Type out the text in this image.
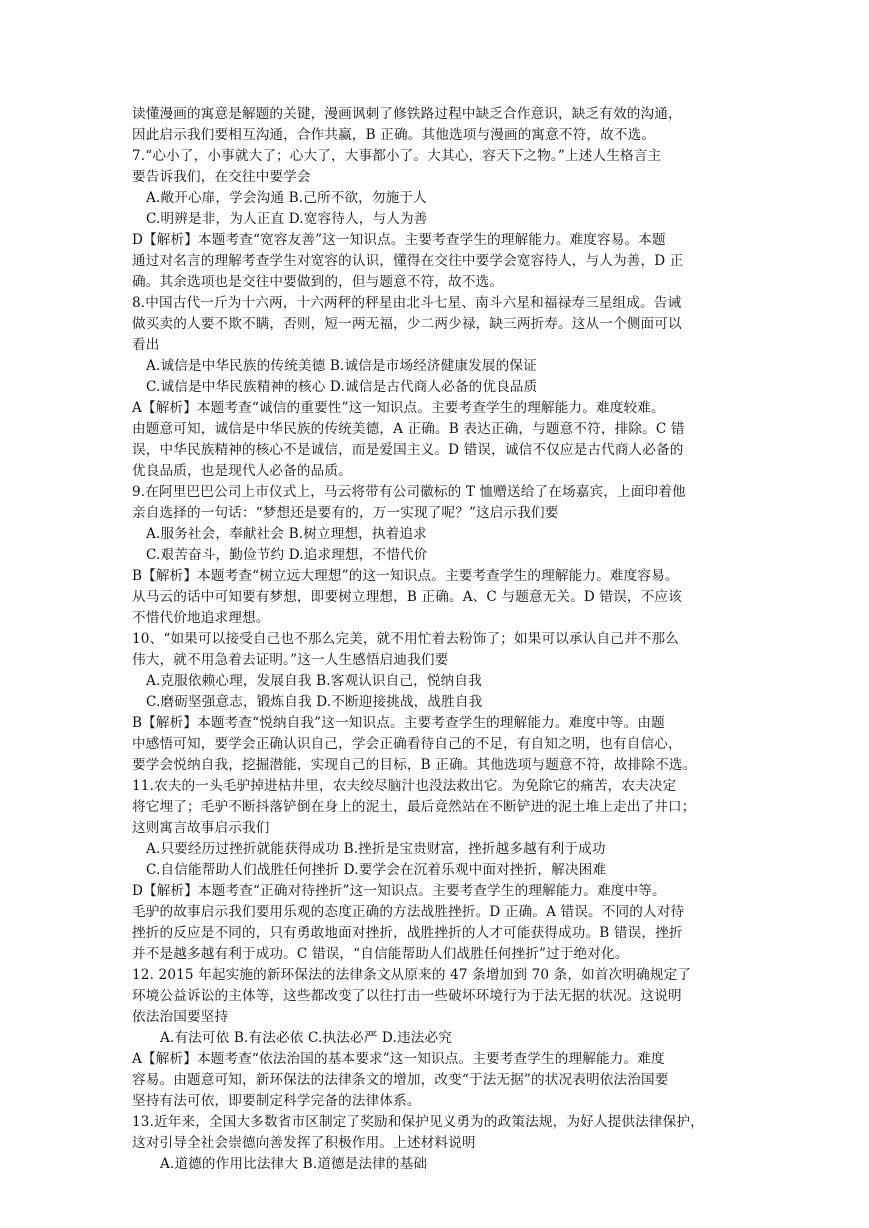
读懂漫画的寓意是解题的关键，漫画讽刺了修铁路过程中缺乏合作意识，缺乏有效的沟通，
因此启示我们要相互沟通，合作共赢，B 正确。其他选项与漫画的寓意不符，故不选。
7.“心小了，小事就大了；心大了，大事都小了。大其心，容天下之物。”上述人生格言主
要告诉我们，在交往中要学会
A.敞开心扉，学会沟通 B.己所不欲，勿施于人
C.明辨是非，为人正直 D.宽容待人，与人为善
D【解析】本题考查“宽容友善”这一知识点。主要考查学生的理解能力。难度容易。本题
通过对名言的理解考查学生对宽容的认识，懂得在交往中要学会宽容待人，与人为善，D 正
确。其余选项也是交往中要做到的，但与题意不符，故不选。
8.中国古代一斤为十六两，十六两秤的秤星由北斗七星、南斗六星和福禄寿三星组成。告诫
做买卖的人要不欺不瞒，否则，短一两无福，少二两少禄，缺三两折寿。这从一个侧面可以
看出
A.诚信是中华民族的传统美德 B.诚信是市场经济健康发展的保证
C.诚信是中华民族精神的核心 D.诚信是古代商人必备的优良品质
A【解析】本题考查“诚信的重要性”这一知识点。主要考查学生的理解能力。难度较难。
由题意可知，诚信是中华民族的传统美德，A 正确。B 表达正确，与题意不符，排除。C 错
误，中华民族精神的核心不是诚信，而是爱国主义。D 错误，诚信不仅应是古代商人必备的
优良品质，也是现代人必备的品质。
9.在阿里巴巴公司上市仪式上，马云将带有公司徽标的 T 恤赠送给了在场嘉宾，上面印着他
亲自选择的一句话：“梦想还是要有的，万一实现了呢？”这启示我们要
A.服务社会，奉献社会 B.树立理想，执着追求
C.艰苦奋斗，勤俭节约 D.追求理想，不惜代价
B【解析】本题考查“树立远大理想”的这一知识点。主要考查学生的理解能力。难度容易。
从马云的话中可知要有梦想，即要树立理想，B 正确。A、C 与题意无关。D 错误，不应该
不惜代价地追求理想。
10、“如果可以接受自己也不那么完美，就不用忙着去粉饰了；如果可以承认自己并不那么
伟大，就不用急着去证明。”这一人生感悟启迪我们要
A.克服依赖心理，发展自我 B.客观认识自己，悦纳自我
C.磨砺坚强意志，锻炼自我 D.不断迎接挑战，战胜自我
B【解析】本题考查“悦纳自我”这一知识点。主要考查学生的理解能力。难度中等。由题
中感悟可知，要学会正确认识自己，学会正确看待自己的不足，有自知之明，也有自信心，
要学会悦纳自我，挖掘潜能，实现自己的目标，B 正确。其他选项与题意不符，故排除不选。
11.农夫的一头毛驴掉进枯井里，农夫绞尽脑汁也没法救出它。为免除它的痛苦，农夫决定
将它埋了；毛驴不断抖落铲倒在身上的泥土，最后竟然站在不断铲进的泥土堆上走出了井口；
这则寓言故事启示我们
A.只要经历过挫折就能获得成功 B.挫折是宝贵财富，挫折越多越有利于成功
C.自信能帮助人们战胜任何挫折 D.要学会在沉着乐观中面对挫折，解决困难
D【解析】本题考查“正确对待挫折”这一知识点。主要考查学生的理解能力。难度中等。
毛驴的故事启示我们要用乐观的态度正确的方法战胜挫折。D 正确。A 错误。不同的人对待
挫折的反应是不同的，只有勇敢地面对挫折，战胜挫折的人才可能获得成功。B 错误，挫折
并不是越多越有利于成功。C 错误，“自信能帮助人们战胜任何挫折”过于绝对化。
12. 2015 年起实施的新环保法的法律条文从原来的 47 条增加到 70 条，如首次明确规定了
环境公益诉讼的主体等，这些都改变了以往打击一些破坏环境行为于法无据的状况。这说明
依法治国要坚持
A.有法可依 B.有法必依 C.执法必严 D.违法必究
A【解析】本题考查“依法治国的基本要求”这一知识点。主要考查学生的理解能力。难度
容易。由题意可知，新环保法的法律条文的增加，改变“于法无据”的状况表明依法治国要
坚持有法可依，即要制定科学完备的法律体系。
13.近年来，全国大多数省市区制定了奖励和保护见义勇为的政策法规，为好人提供法律保护，
这对引导全社会崇德向善发挥了积极作用。上述材料说明
A.道德的作用比法律大 B.道德是法律的基础
